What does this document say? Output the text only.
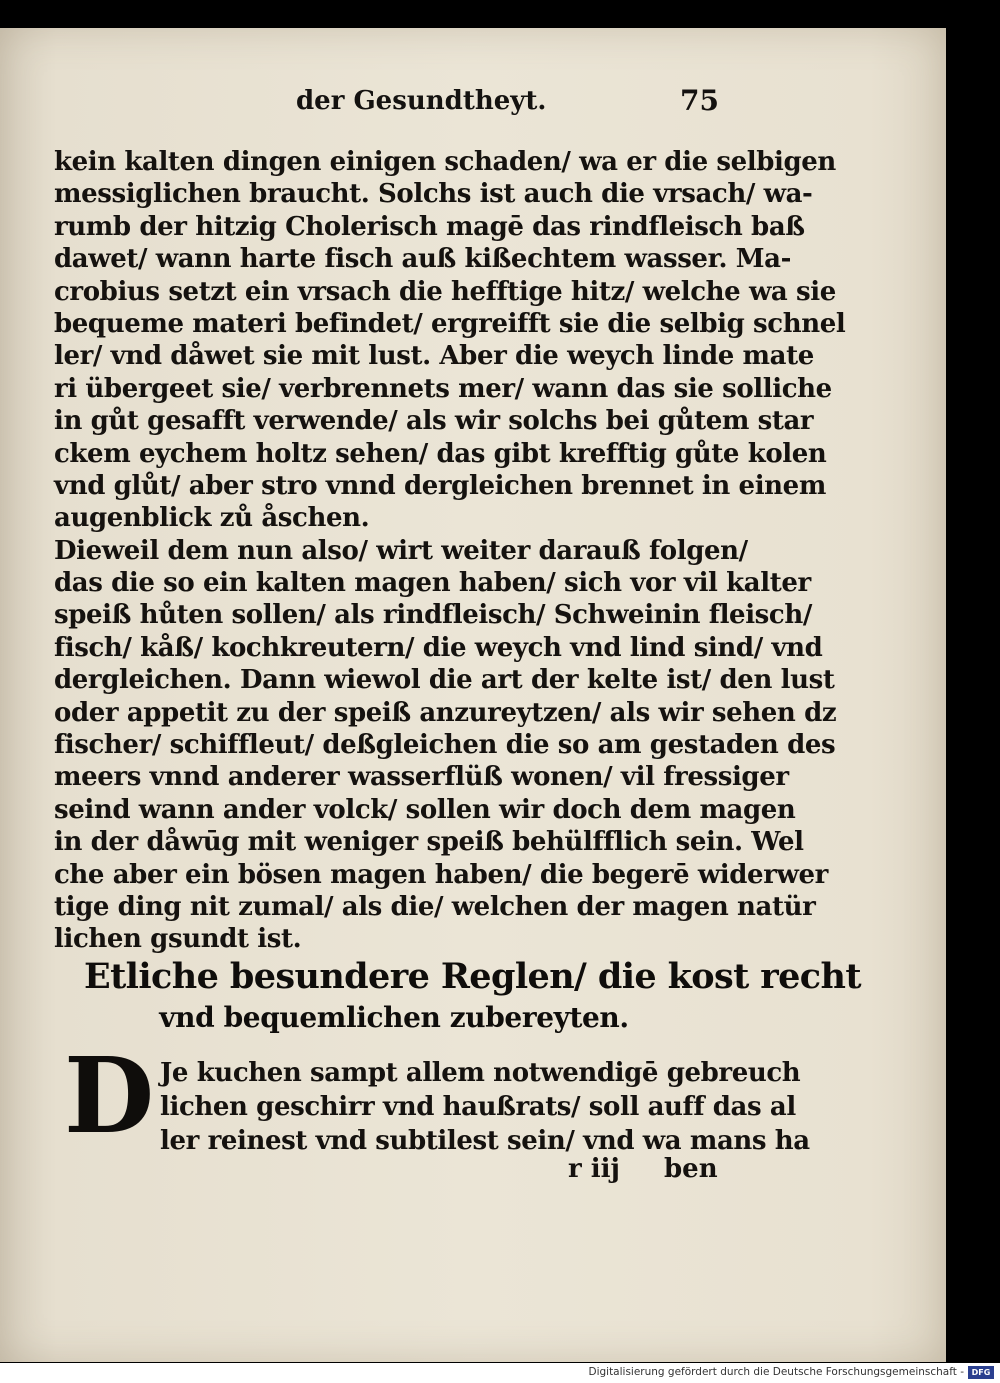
der Gesundtheyt.	75
kein kalten dingen einigen schaden/ wa er die selbigen
messiglichen braucht. Solchs ist auch die vrsach/ wa-
rumb der hitzig Cholerisch magē das rindfleisch baß
dawet/ wann harte fisch auß kißechtem wasser. Ma-
crobius setzt ein vrsach die hefftige hitz/ welche wa sie
bequeme materi befindet/ ergreifft sie die selbig schnel
ler/ vnd dåwet sie mit lust. Aber die weych linde mate
ri übergeet sie/ verbrennets mer/ wann das sie solliche
in gůt gesafft verwende/ als wir solchs bei gůtem star
ckem eychem holtz sehen/ das gibt krefftig gůte kolen
vnd glůt/ aber stro vnnd dergleichen brennet in einem
augenblick zů åschen.
Dieweil dem nun also/ wirt weiter darauß folgen/
das die so ein kalten magen haben/ sich vor vil kalter
speiß hůten sollen/ als rindfleisch/ Schweinin fleisch/
fisch/ kåß/ kochkreutern/ die weych vnd lind sind/ vnd
dergleichen. Dann wiewol die art der kelte ist/ den lust
oder appetit zu der speiß anzureytzen/ als wir sehen dz
fischer/ schiffleut/ deßgleichen die so am gestaden des
meers vnnd anderer wasserflüß wonen/ vil fressiger
seind wann ander volck/ sollen wir doch dem magen
in der dåwūg mit weniger speiß behülfflich sein. Wel
che aber ein bösen magen haben/ die begerē widerwer
tige ding nit zumal/ als die/ welchen der magen natür
lichen gsundt ist.
Etliche besundere Reglen/ die kost recht
vnd bequemlichen zubereyten.
D Je kuchen sampt allem notwendigē gebreuch
lichen geschirr vnd haußrats/ soll auff das al
ler reinest vnd subtilest sein/ vnd wa mans ha
r iij ben
Digitalisierung gefördert durch die Deutsche Forschungsgemeinschaft - DFG
